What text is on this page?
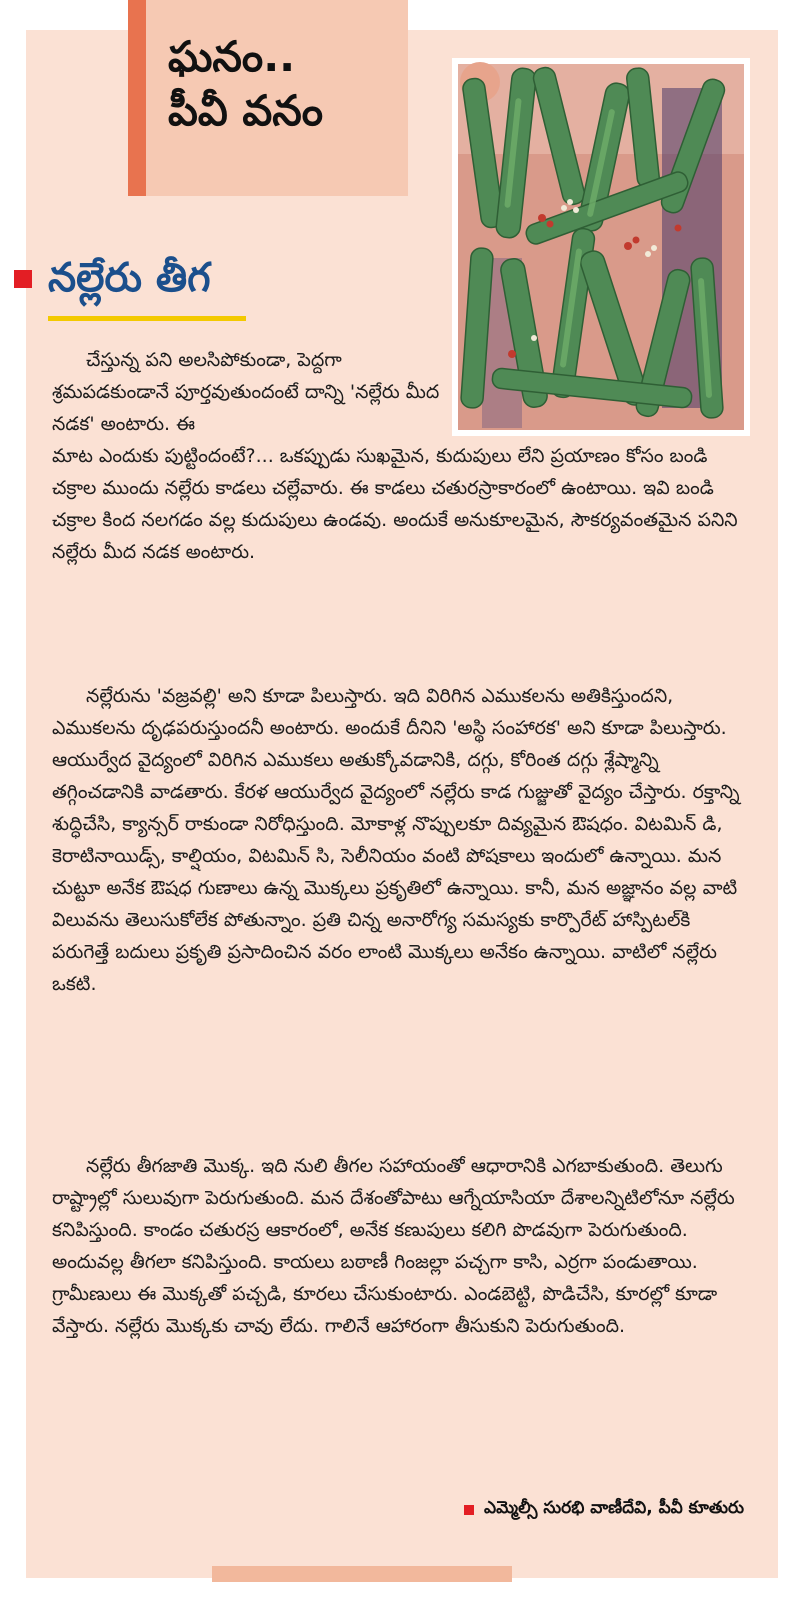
ఘనం..
పీవీ వనం
నల్లేరు తీగ

చేస్తున్న పని అలసిపోకుండా, పెద్దగా శ్రమపడకుండానే పూర్తవుతుందంటే దాన్ని 'నల్లేరు మీద నడక' అంటారు. ఈ

మాట ఎందుకు పుట్టిందంటే?... ఒకప్పుడు సుఖమైన, కుదుపులు లేని ప్రయాణం కోసం బండి చక్రాల ముందు నల్లేరు కాడలు చల్లేవారు. ఈ కాడలు చతురస్రాకారంలో ఉంటాయి. ఇవి బండి చక్రాల కింద నలగడం వల్ల కుదుపులు ఉండవు. అందుకే అనుకూలమైన, సౌకర్యవంతమైన పనిని నల్లేరు మీద నడక అంటారు.

నల్లేరును 'వజ్రవల్లి' అని కూడా పిలుస్తారు. ఇది విరిగిన ఎముకలను అతికిస్తుందని, ఎముకలను దృఢపరుస్తుందనీ అంటారు. అందుకే దీనిని 'అస్థి సంహారక' అని కూడా పిలుస్తారు. ఆయుర్వేద వైద్యంలో విరిగిన ఎముకలు అతుక్కోవడానికి, దగ్గు, కోరింత దగ్గు శ్లేష్మాన్ని తగ్గించడానికి వాడతారు. కేరళ ఆయుర్వేద వైద్యంలో నల్లేరు కాడ గుజ్జుతో వైద్యం చేస్తారు. రక్తాన్ని శుద్ధిచేసి, క్యాన్సర్ రాకుండా నిరోధిస్తుంది. మోకాళ్ల నొప్పులకూ దివ్యమైన ఔషధం. విటమిన్ డి, కెరాటినాయిడ్స్, కాల్షియం, విటమిన్ సి, సెలీనియం వంటి పోషకాలు ఇందులో ఉన్నాయి. మన చుట్టూ అనేక ఔషధ గుణాలు ఉన్న మొక్కలు ప్రకృతిలో ఉన్నాయి. కానీ, మన అజ్ఞానం వల్ల వాటి విలువను తెలుసుకోలేక పోతున్నాం. ప్రతి చిన్న అనారోగ్య సమస్యకు కార్పొరేట్ హాస్పిటల్‌కి పరుగెత్తే బదులు ప్రకృతి ప్రసాదించిన వరం లాంటి మొక్కలు అనేకం ఉన్నాయి. వాటిలో నల్లేరు ఒకటి.

నల్లేరు తీగజాతి మొక్క. ఇది నులి తీగల సహాయంతో ఆధారానికి ఎగబాకుతుంది. తెలుగు రాష్ట్రాల్లో సులువుగా పెరుగుతుంది. మన దేశంతోపాటు ఆగ్నేయాసియా దేశాలన్నిటిలోనూ నల్లేరు కనిపిస్తుంది. కాండం చతురస్ర ఆకారంలో, అనేక కణుపులు కలిగి పొడవుగా పెరుగుతుంది. అందువల్ల తీగలా కనిపిస్తుంది. కాయలు బఠాణీ గింజల్లా పచ్చగా కాసి, ఎర్రగా పండుతాయి. గ్రామీణులు ఈ మొక్కతో పచ్చడి, కూరలు చేసుకుంటారు. ఎండబెట్టి, పొడిచేసి, కూరల్లో కూడా వేస్తారు. నల్లేరు మొక్కకు చావు లేదు. గాలినే ఆహారంగా తీసుకుని పెరుగుతుంది.

ఎమ్మెల్సీ సురభి వాణీదేవి, పీవీ కూతురు
